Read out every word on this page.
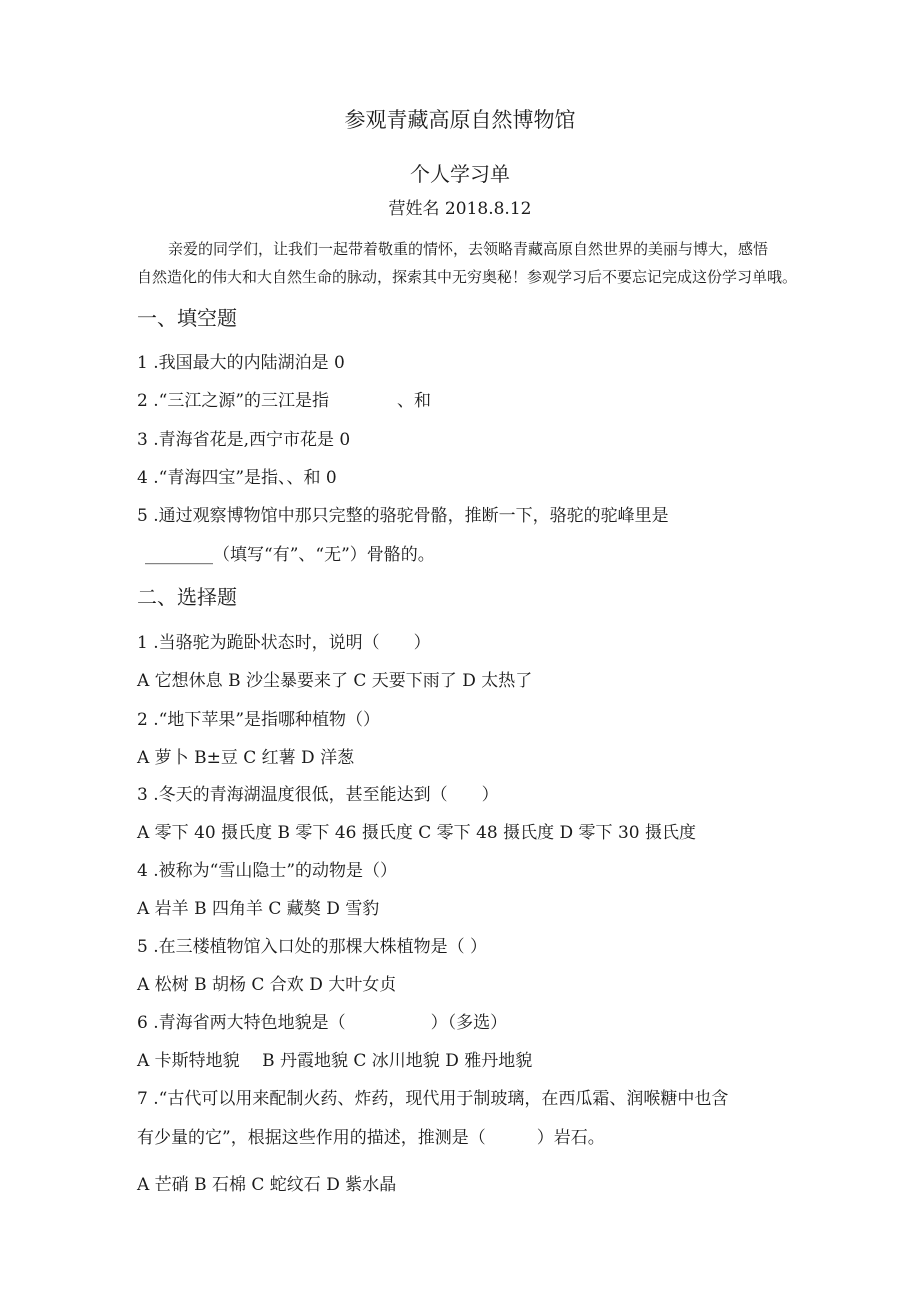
参观青藏高原自然博物馆
个人学习单
营姓名 2018.8.12
亲爱的同学们，让我们一起带着敬重的情怀，去领略青藏高原自然世界的美丽与博大，感悟
自然造化的伟大和大自然生命的脉动，探索其中无穷奥秘！参观学习后不要忘记完成这份学习单哦。
一、填空题
1 .我国最大的内陆湖泊是 0
2 .“三江之源”的三江是指　　　　、和
3 .青海省花是,西宁市花是 0
4 .“青海四宝”是指、、和 0
5 .通过观察博物馆中那只完整的骆驼骨骼，推断一下，骆驼的驼峰里是
________（填写“有”、“无”）骨骼的。
二、选择题
1 .当骆驼为跪卧状态时，说明（　　）
A 它想休息 B 沙尘暴要来了 C 天要下雨了 D 太热了
2 .“地下苹果”是指哪种植物（）
A 萝卜 B±豆 C 红薯 D 洋葱
3 .冬天的青海湖温度很低，甚至能达到（　　）
A 零下 40 摄氏度 B 零下 46 摄氏度 C 零下 48 摄氏度 D 零下 30 摄氏度
4 .被称为“雪山隐士”的动物是（）
A 岩羊 B 四角羊 C 藏獒 D 雪豹
5 .在三楼植物馆入口处的那棵大株植物是（ ）
A 松树 B 胡杨 C 合欢 D 大叶女贞
6 .青海省两大特色地貌是（　　　　　）（多选）
A 卡斯特地貌　 B 丹霞地貌 C 冰川地貌 D 雅丹地貌
7 .“古代可以用来配制火药、炸药，现代用于制玻璃，在西瓜霜、润喉糖中也含
有少量的它”，根据这些作用的描述，推测是（　　　）岩石。
A 芒硝 B 石棉 C 蛇纹石 D 紫水晶
